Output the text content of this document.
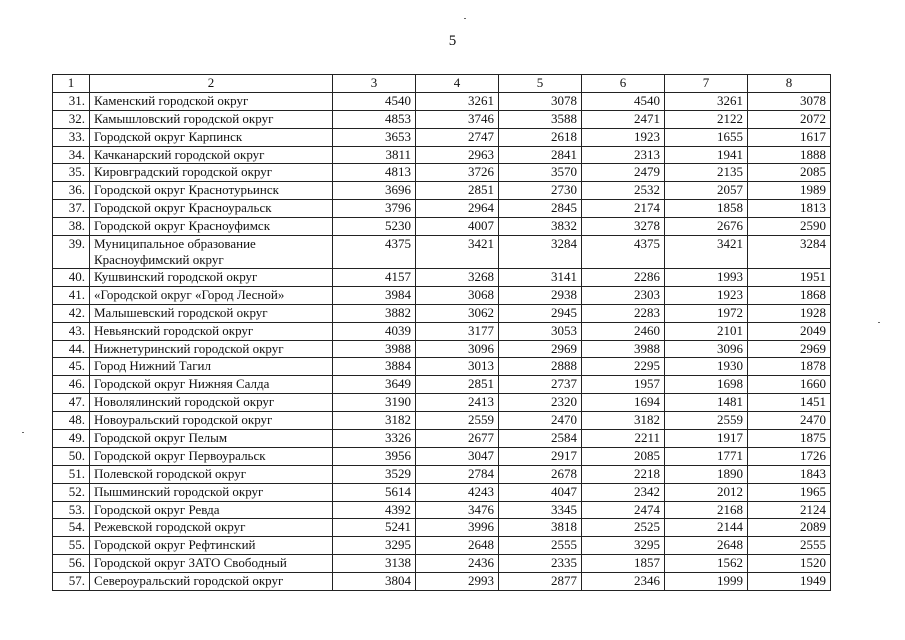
5
1	2	3	4	5	6	7	8
31.	Каменский городской округ	4540	3261	3078	4540	3261	3078
32.	Камышловский городской округ	4853	3746	3588	2471	2122	2072
33.	Городской округ Карпинск	3653	2747	2618	1923	1655	1617
34.	Качканарский городской округ	3811	2963	2841	2313	1941	1888
35.	Кировградский городской округ	4813	3726	3570	2479	2135	2085
36.	Городской округ Краснотурьинск	3696	2851	2730	2532	2057	1989
37.	Городской округ Красноуральск	3796	2964	2845	2174	1858	1813
38.	Городской округ Красноуфимск	5230	4007	3832	3278	2676	2590
39.	Муниципальное образование Красноуфимский округ	4375	3421	3284	4375	3421	3284
40.	Кушвинский городской округ	4157	3268	3141	2286	1993	1951
41.	«Городской округ «Город Лесной»	3984	3068	2938	2303	1923	1868
42.	Малышевский городской округ	3882	3062	2945	2283	1972	1928
43.	Невьянский городской округ	4039	3177	3053	2460	2101	2049
44.	Нижнетуринский городской округ	3988	3096	2969	3988	3096	2969
45.	Город Нижний Тагил	3884	3013	2888	2295	1930	1878
46.	Городской округ Нижняя Салда	3649	2851	2737	1957	1698	1660
47.	Новолялинский городской округ	3190	2413	2320	1694	1481	1451
48.	Новоуральский городской округ	3182	2559	2470	3182	2559	2470
49.	Городской округ Пелым	3326	2677	2584	2211	1917	1875
50.	Городской округ Первоуральск	3956	3047	2917	2085	1771	1726
51.	Полевской городской округ	3529	2784	2678	2218	1890	1843
52.	Пышминский городской округ	5614	4243	4047	2342	2012	1965
53.	Городской округ Ревда	4392	3476	3345	2474	2168	2124
54.	Режевской городской округ	5241	3996	3818	2525	2144	2089
55.	Городской округ Рефтинский	3295	2648	2555	3295	2648	2555
56.	Городской округ ЗАТО Свободный	3138	2436	2335	1857	1562	1520
57.	Североуральский городской округ	3804	2993	2877	2346	1999	1949
